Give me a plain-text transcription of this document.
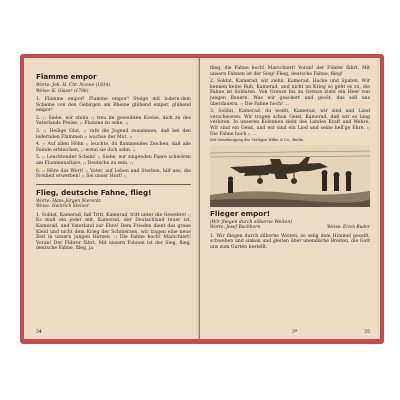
Flamme empor
Worte: Joh. H. Chr. Nonne (1814)
Weise: K. Glaser (1788)

1. Flamme empor! Flamme empor! Steige mit lodern-dem Scheine von den Gebirgen am Rheine glühend empor, glühend empor!

2. ;: Siehe, wir stehn :; treu im geweihten Kreise, dich zu des Vaterlands Preise, ;: Flamme zu sehn. :;

3. ;: Heilige Glut, :; rufe die Jugend zusammen, daß bei den lodernden Flammen ;: wachse der Mut. :;

4. ;: Auf allen Höhn :; leuchte, du flammendes Zeichen, daß alle Feinde erbleichen, ;: wenn sie dich sehn. :;

5. ;: Leuchtender Schein! :; Siehe, wir singenden Paare schwören am Flammenaltare, ;: Deutsche zu sein. :;

6. ;: Höre das Wort! :; Vater, auf Leben und Sterben, hilf uns, die Freiheit erwerben! :; Sei unser Hort! :;

Flieg, deutsche Fahne, flieg!
Worte: Hans-Jürgen Nierentz
Weise: Heinrich Steiner

1. Soldat, Kamerad, faß Tritt, Kamerad, tritt unter die Gewehre! :; Es muß ein jeder mit, Kamerad, der Deutschland teuer ist, Kamerad, und Vaterland zur Ehre! Dem Frieden dient das graue Kleid und nicht dem Krieg der Schmerzen, wir tragen eine neue Zeit in unsern jungen Herzen. :; Die Fahne hoch! Marschiert! Voran! Der Führer fährt. Mit unsern Fahnen ist der Sieg, flieg, deutsche Fahne, flieg, ja

34

flieg, die Fahne hoch! Marschiert! Voran! der Führer fährt. Mit unsern Fahnen ist der Sieg! Flieg, deutsche Fahne, flieg!

2. Soldat, Kamerad, wir ziehn, Kamerad, Hacke und Spaten. Wir kennen keine Ruh, Kamerad, und nicht im Krieg so geht es zu, die Fahne ist Soldaten. Von Grenze bis zu Grenze zieht ein Heer von jungen Bauern. Was wir geackert und gesät, das soll uns überdauern. :; Die Fahne hoch! ...

3. Soldat, Kamerad, du weißt, Kamerad, wir sind und Land verschworen. Wir tragen schon Geist, Kamerad, daß wir so lang verloren. In unseren Kolonnen zieht des Landes Kraft und Wehre. Wir sind ein Geist, und wir sind ein Lied und seine hell'ge Ehre. :; Die Fahne hoch :; ...

Mit Genehmigung des Verlages Wilke & Co., Berlin.
Flieger empor!
(Wir fliegen durch silberne Weiten)
Worte: Josef Buchhorn	Weise: Erich Buder

1. Wir fliegen durch silberne Weiten, so selig dem Himmel gesellt, schweben und sinken und gleiten über unendliche Breiten, die Gott uns zum Garten bestellt.

3*	35
